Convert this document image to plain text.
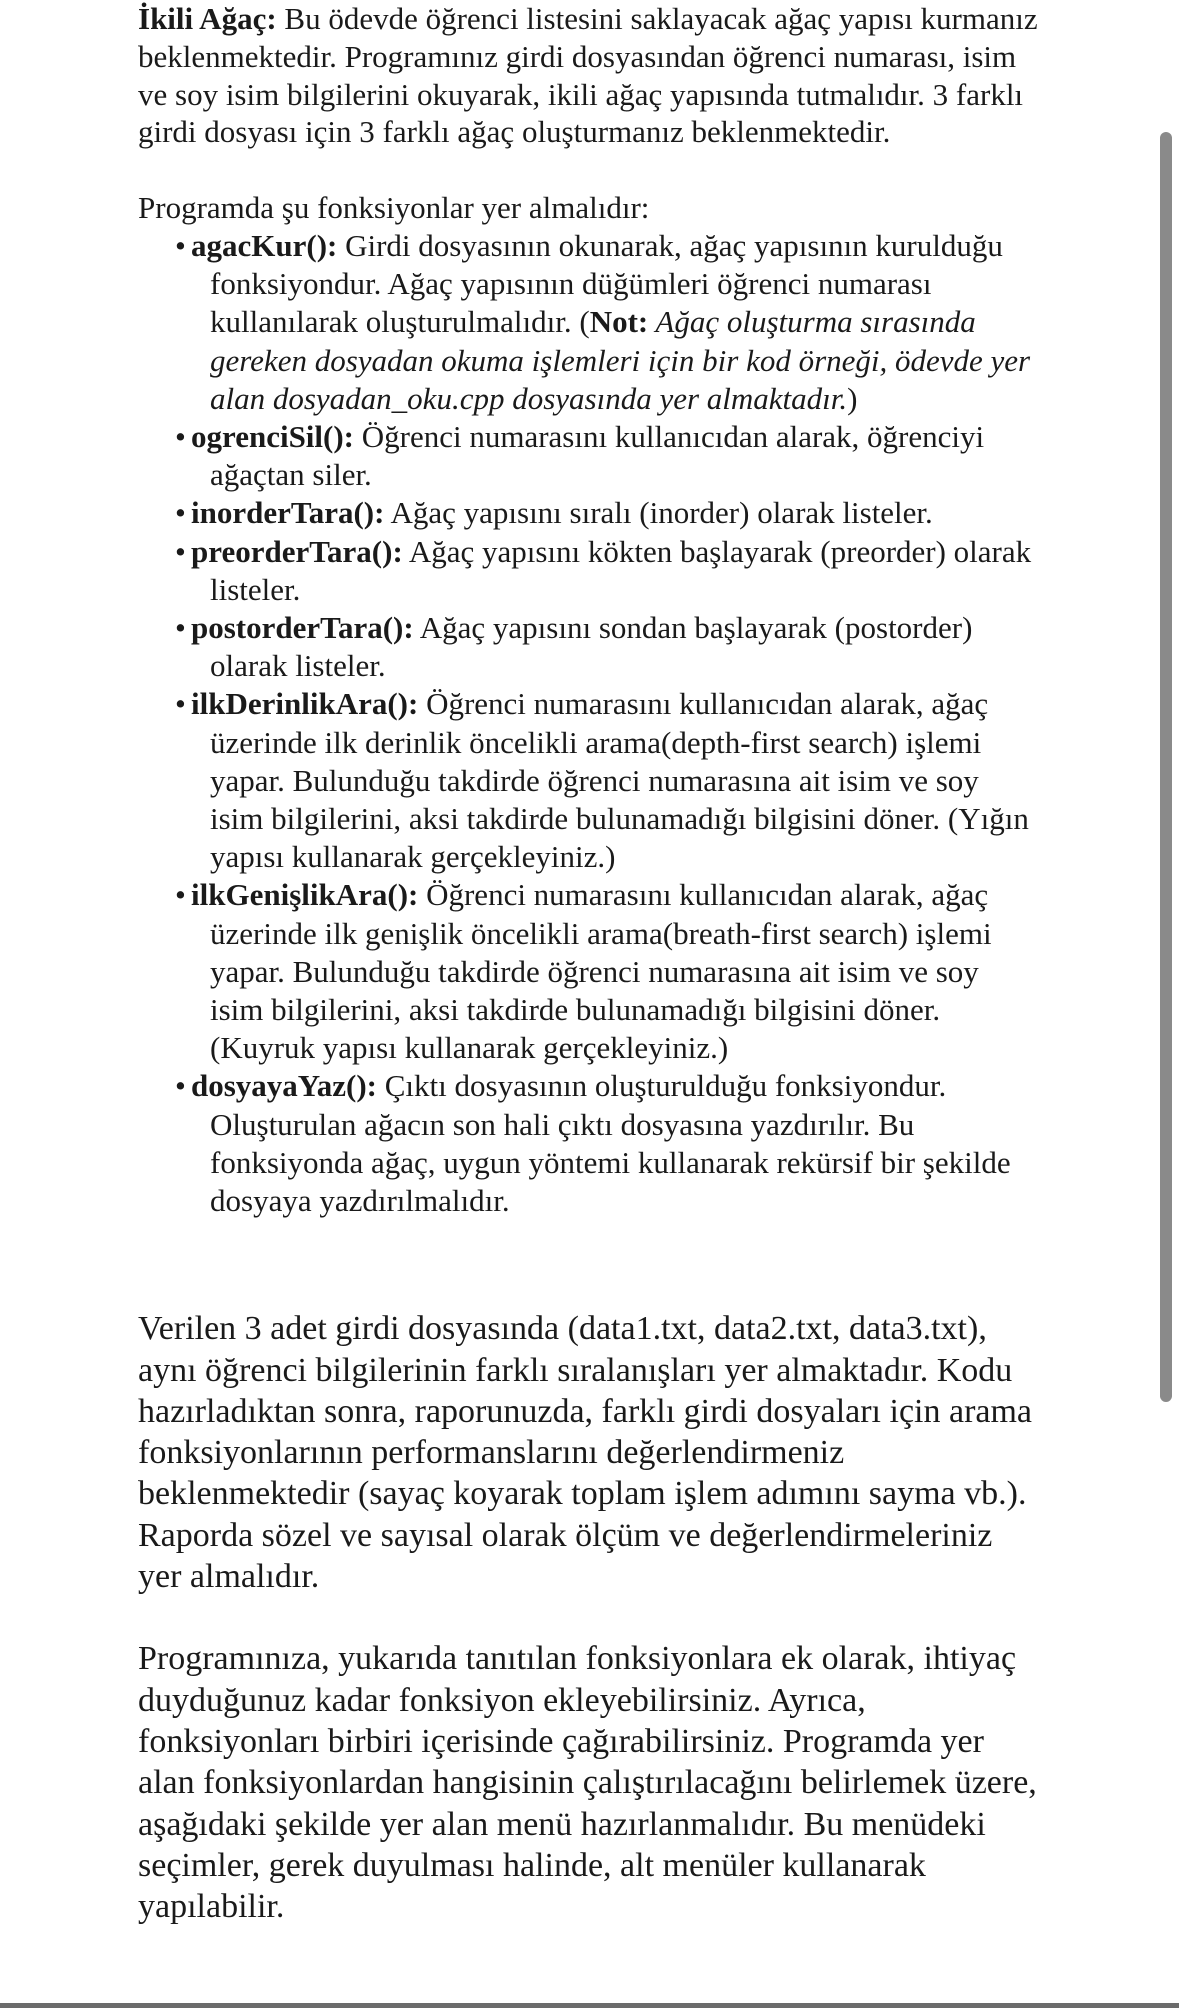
İkili Ağaç: Bu ödevde öğrenci listesini saklayacak ağaç yapısı kurmanız beklenmektedir. Programınız girdi dosyasından öğrenci numarası, isim ve soy isim bilgilerini okuyarak, ikili ağaç yapısında tutmalıdır. 3 farklı girdi dosyası için 3 farklı ağaç oluşturmanız beklenmektedir.

Programda şu fonksiyonlar yer almalıdır:

• agacKur(): Girdi dosyasının okunarak, ağaç yapısının kurulduğu fonksiyondur. Ağaç yapısının düğümleri öğrenci numarası kullanılarak oluşturulmalıdır. (Not: Ağaç oluşturma sırasında gereken dosyadan okuma işlemleri için bir kod örneği, ödevde yer alan dosyadan_oku.cpp dosyasında yer almaktadır.)
• ogrenciSil(): Öğrenci numarasını kullanıcıdan alarak, öğrenciyi ağaçtan siler.
• inorderTara(): Ağaç yapısını sıralı (inorder) olarak listeler.
• preorderTara(): Ağaç yapısını kökten başlayarak (preorder) olarak listeler.
• postorderTara(): Ağaç yapısını sondan başlayarak (postorder) olarak listeler.
• ilkDerinlikAra(): Öğrenci numarasını kullanıcıdan alarak, ağaç üzerinde ilk derinlik öncelikli arama(depth-first search) işlemi yapar. Bulunduğu takdirde öğrenci numarasına ait isim ve soy isim bilgilerini, aksi takdirde bulunamadığı bilgisini döner. (Yığın yapısı kullanarak gerçekleyiniz.)
• ilkGenişlikAra(): Öğrenci numarasını kullanıcıdan alarak, ağaç üzerinde ilk genişlik öncelikli arama(breath-first search) işlemi yapar. Bulunduğu takdirde öğrenci numarasına ait isim ve soy isim bilgilerini, aksi takdirde bulunamadığı bilgisini döner. (Kuyruk yapısı kullanarak gerçekleyiniz.)
• dosyayaYaz(): Çıktı dosyasının oluşturulduğu fonksiyondur. Oluşturulan ağacın son hali çıktı dosyasına yazdırılır. Bu fonksiyonda ağaç, uygun yöntemi kullanarak rekürsif bir şekilde dosyaya yazdırılmalıdır.

Verilen 3 adet girdi dosyasında (data1.txt, data2.txt, data3.txt), aynı öğrenci bilgilerinin farklı sıralanışları yer almaktadır. Kodu hazırladıktan sonra, raporunuzda, farklı girdi dosyaları için arama fonksiyonlarının performanslarını değerlendirmeniz beklenmektedir (sayaç koyarak toplam işlem adımını sayma vb.). Raporda sözel ve sayısal olarak ölçüm ve değerlendirmeleriniz yer almalıdır.

Programınıza, yukarıda tanıtılan fonksiyonlara ek olarak, ihtiyaç duyduğunuz kadar fonksiyon ekleyebilirsiniz. Ayrıca, fonksiyonları birbiri içerisinde çağırabilirsiniz. Programda yer alan fonksiyonlardan hangisinin çalıştırılacağını belirlemek üzere, aşağıdaki şekilde yer alan menü hazırlanmalıdır. Bu menüdeki seçimler, gerek duyulması halinde, alt menüler kullanarak yapılabilir.
